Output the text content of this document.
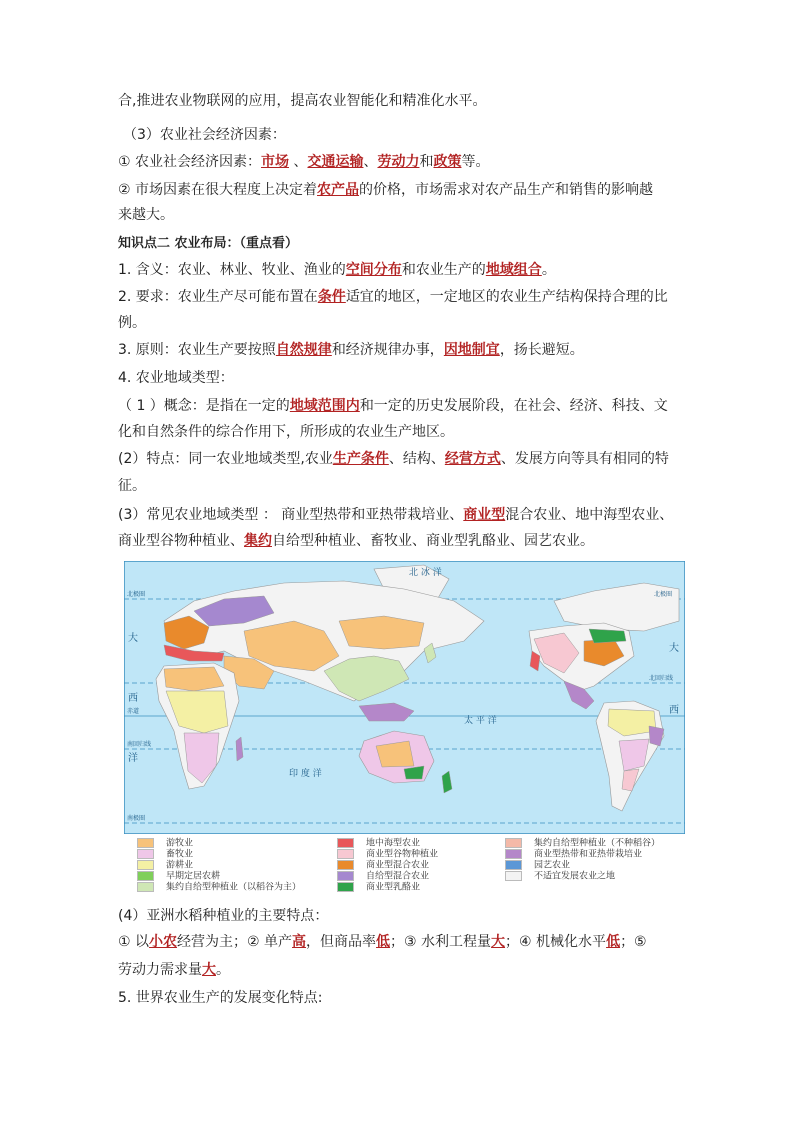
合,推进农业物联网的应用，提高农业智能化和精准化水平。
（3）农业社会经济因素：
① 农业社会经济因素：市场 、交通运输、劳动力和政策等。
② 市场因素在很大程度上决定着农产品的价格，市场需求对农产品生产和销售的影响越
来越大。
知识点二 农业布局：（重点看）
1. 含义：农业、林业、牧业、渔业的空间分布和农业生产的地域组合。
2. 要求：农业生产尽可能布置在条件适宜的地区，一定地区的农业生产结构保持合理的比
例。
3. 原则：农业生产要按照自然规律和经济规律办事，因地制宜，扬长避短。
4. 农业地域类型：
（ 1 ）概念：是指在一定的地域范围内和一定的历史发展阶段，在社会、经济、科技、文
化和自然条件的综合作用下，所形成的农业生产地区。
(2）特点：同一农业地域类型,农业生产条件、结构、经营方式、发展方向等具有相同的特
征。
(3）常见农业地域类型 ： 商业型热带和亚热带栽培业、商业型混合农业、地中海型农业、
商业型谷物种植业、集约自给型种植业、畜牧业、商业型乳酪业、园艺农业。
北 冰 洋
太 平 洋
印 度 洋
大
西
洋
大
西
北极圈	北极圈
北回归线
赤道
南回归线
南极圈
游牧业
畜牧业
游耕业
早期定居农耕
集约自给型种植业（以稻谷为主）
地中海型农业
商业型谷物种植业
商业型混合农业
自给型混合农业
商业型乳酪业
集约自给型种植业（不种稻谷）
商业型热带和亚热带栽培业
园艺农业
不适宜发展农业之地
(4）亚洲水稻种植业的主要特点：
① 以小农经营为主；② 单产高，但商品率低；③ 水利工程量大；④ 机械化水平低；⑤
劳动力需求量大。
5. 世界农业生产的发展变化特点:
